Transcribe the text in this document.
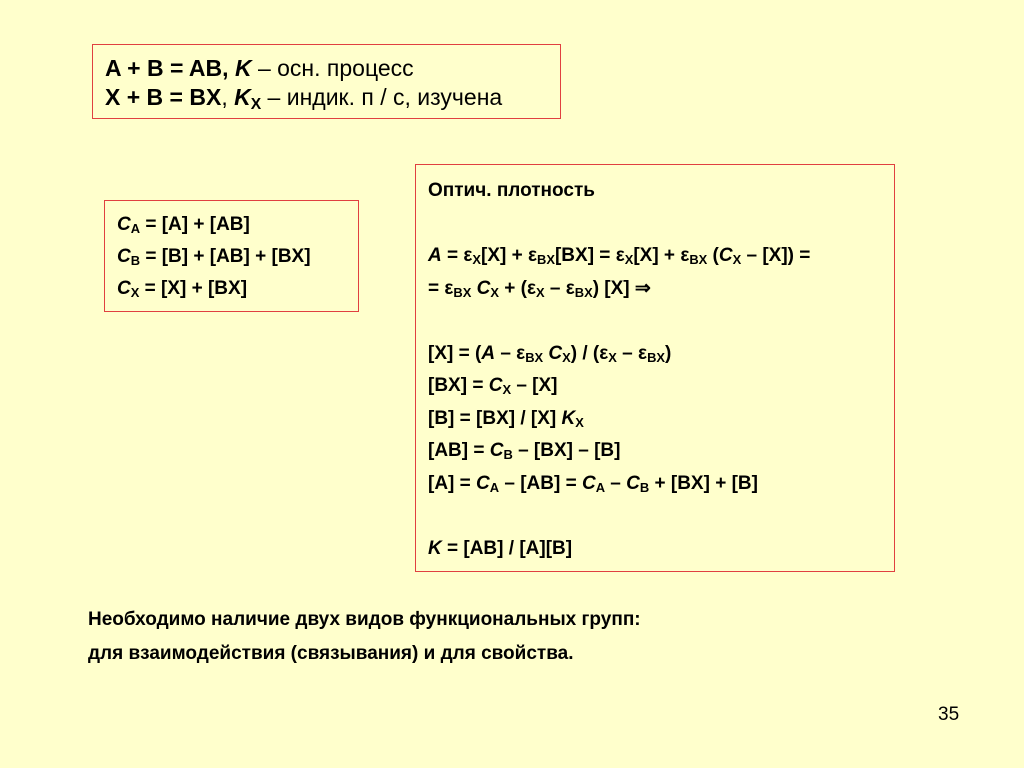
A + B = AB, K – осн. процесс
X + B = BX, $K_X$ – индик. п / с, изучена
$C_A = [A] + [AB]$
$C_B = [B] + [AB] + [BX]$
$C_X = [X] + [BX]$
Оптич. плотность
$A = \varepsilon_X[X] + \varepsilon_{BX}[BX] = \varepsilon_X[X] + \varepsilon_{BX}$ $(C_X - [X])$ =
= $\varepsilon_{BX}$ $C_X + (\varepsilon_X - \varepsilon_{BX})$ [X] ⇒
$[X] = (A - \varepsilon_{BX}$ $C_X) / (\varepsilon_X - \varepsilon_{BX})$
$[BX] = C_X - [X]$
[B] = [BX] / [X] $K_X$
$[AB] = C_B - [BX] - [B]$
$[A] = C_A - [AB] = C_A - C_B + [BX] + [B]$
K = [AB] / [A][B]
Необходимо наличие двух видов функциональных групп:
для взаимодействия (связывания) и для свойства.
35
